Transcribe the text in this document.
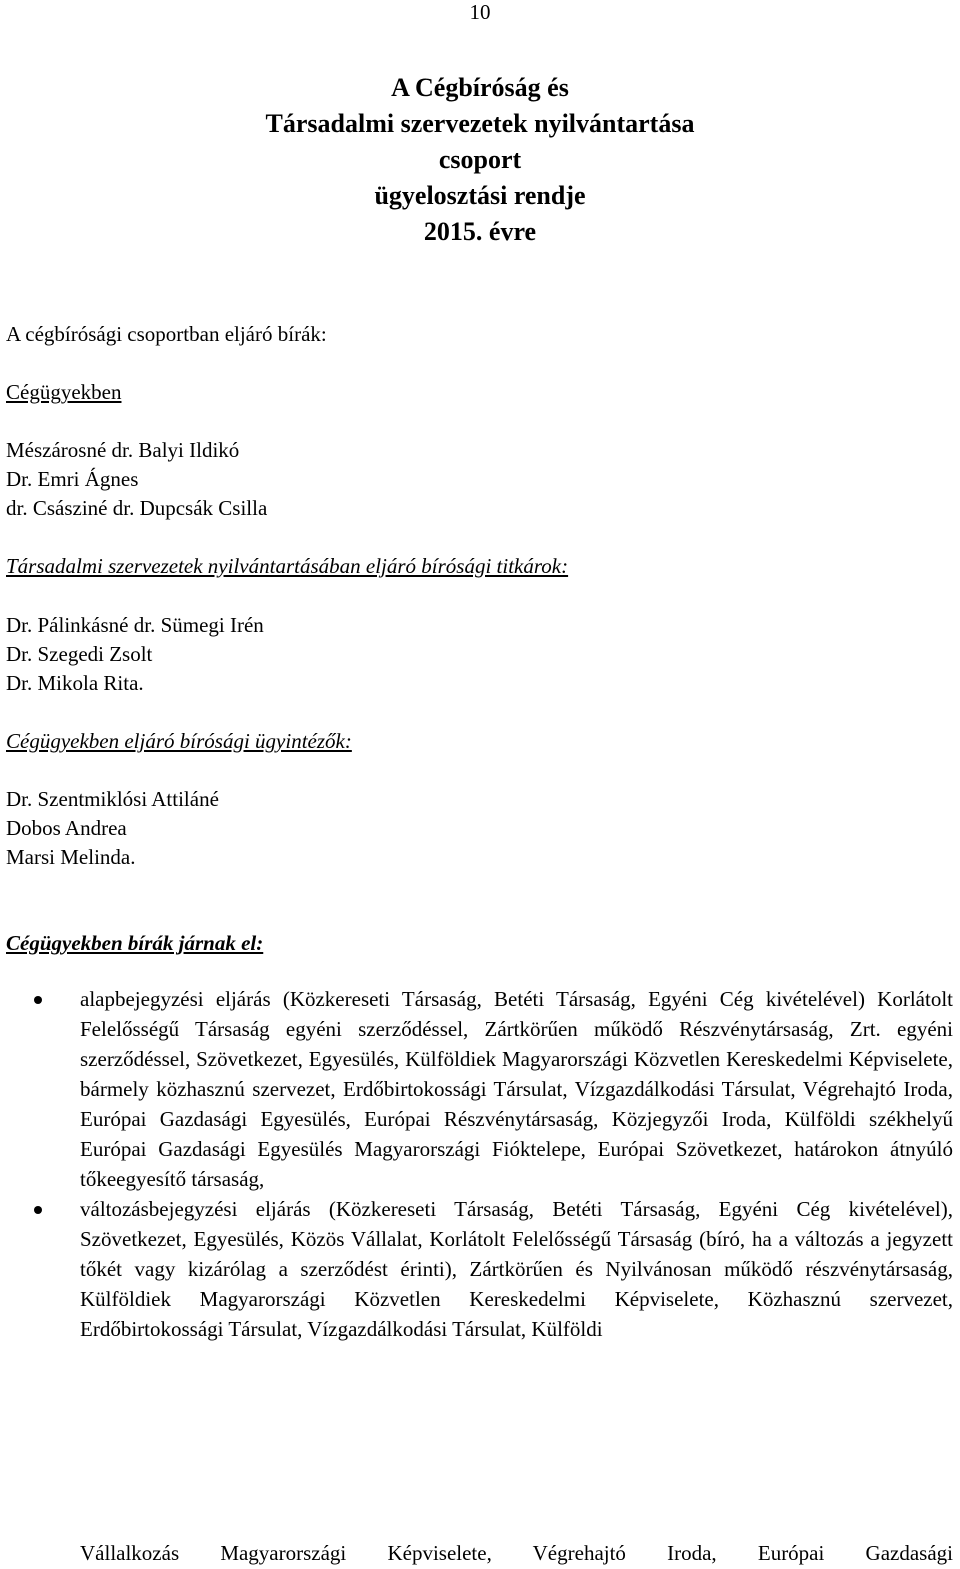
10
A Cégbíróság és
Társadalmi szervezetek nyilvántartása
csoport
ügyelosztási rendje
2015. évre

A cégbírósági csoportban eljáró bírák:

Cégügyekben

Mészárosné dr. Balyi Ildikó
Dr. Emri Ágnes
dr. Császiné dr. Dupcsák Csilla

Társadalmi szervezetek nyilvántartásában eljáró bírósági titkárok:

Dr. Pálinkásné dr. Sümegi Irén
Dr. Szegedi Zsolt
Dr. Mikola Rita.

Cégügyekben eljáró bírósági ügyintézők:

Dr. Szentmiklósi Attiláné
Dobos Andrea
Marsi Melinda.

Cégügyekben bírák járnak el:

alapbejegyzési eljárás (Közkereseti Társaság, Betéti Társaság, Egyéni Cég kivételével) Korlátolt Felelősségű Társaság egyéni szerződéssel, Zártkörűen működő Részvénytársaság, Zrt. egyéni szerződéssel, Szövetkezet, Egyesülés, Külföldiek Magyarországi Közvetlen Kereskedelmi Képviselete, bármely közhasznú szervezet, Erdőbirtokossági Társulat, Vízgazdálkodási Társulat, Végrehajtó Iroda, Európai Gazdasági Egyesülés, Európai Részvénytársaság, Közjegyzői Iroda, Külföldi székhelyű Európai Gazdasági Egyesülés Magyarországi Fióktelepe, Európai Szövetkezet, határokon átnyúló tőkeegyesítő társaság,
változásbejegyzési eljárás (Közkereseti Társaság, Betéti Társaság, Egyéni Cég kivételével), Szövetkezet, Egyesülés, Közös Vállalat, Korlátolt Felelősségű Társaság (bíró, ha a változás a jegyzett tőkét vagy kizárólag a szerződést érinti), Zártkörűen és Nyilvánosan működő részvénytársaság, Külföldiek Magyarországi Közvetlen Kereskedelmi Képviselete, Közhasznú szervezet, Erdőbirtokossági Társulat, Vízgazdálkodási Társulat, Külföldi
Vállalkozás Magyarországi Képviselete, Végrehajtó Iroda, Európai Gazdasági
